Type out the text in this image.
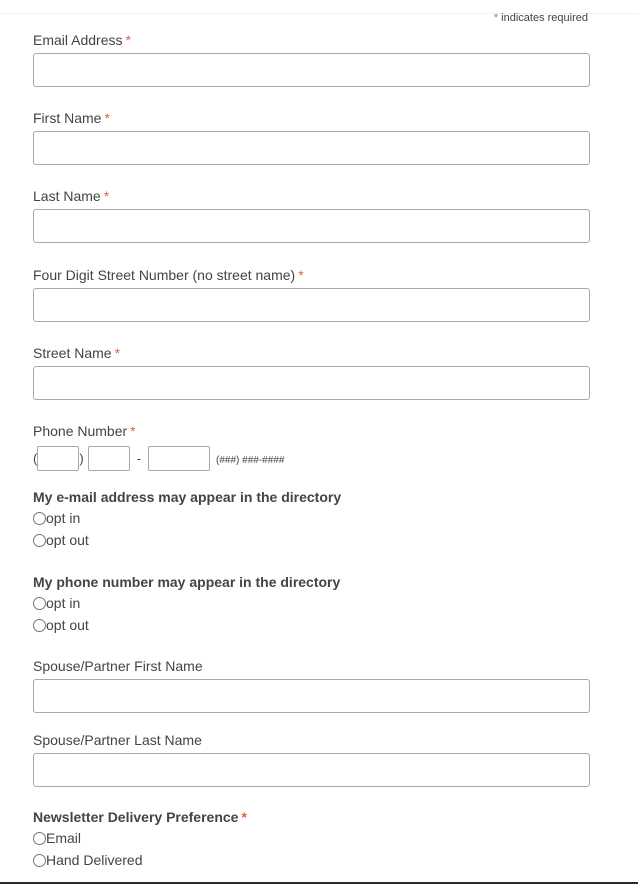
* indicates required
Email Address *
First Name *
Last Name *
Four Digit Street Number (no street name) *
Street Name *
Phone Number *
(	)	-	(###) ###-####
My e-mail address may appear in the directory
opt in
opt out
My phone number may appear in the directory
opt in
opt out
Spouse/Partner First Name
Spouse/Partner Last Name
Newsletter Delivery Preference *
Email
Hand Delivered
